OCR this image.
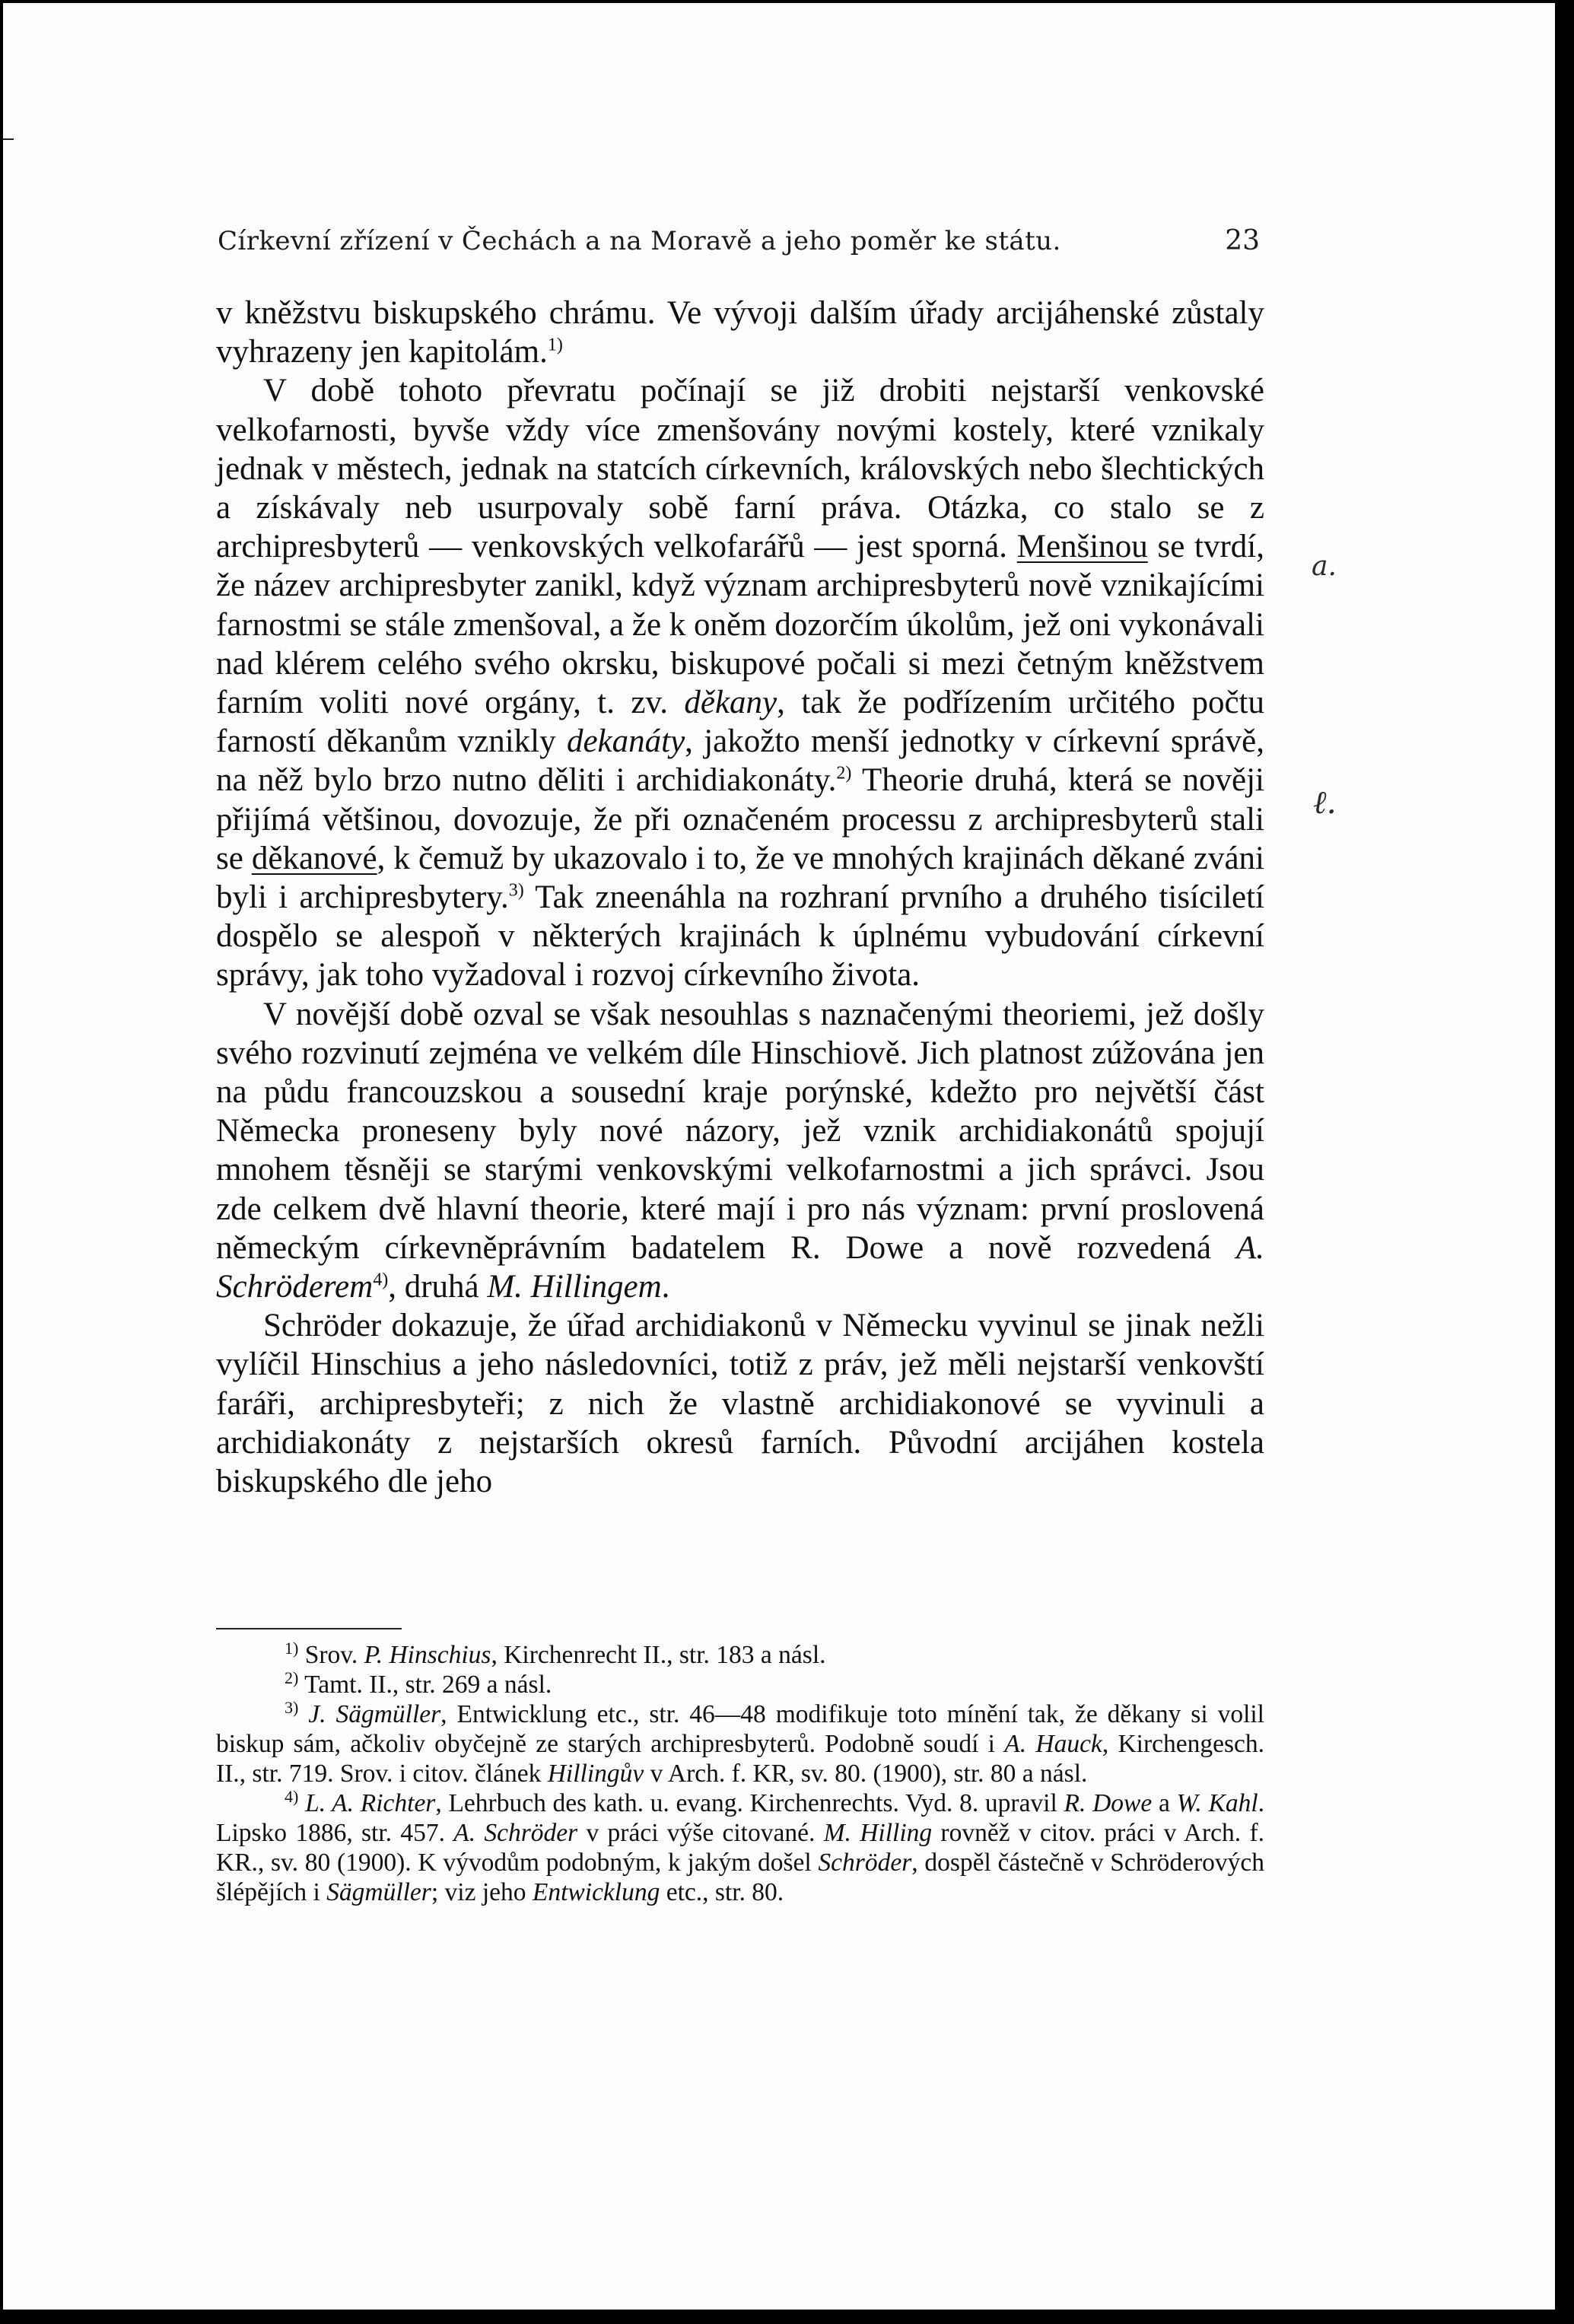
Církevní zřízení v Čechách a na Moravě a jeho poměr ke státu.	23
a.
ℓ.

v kněžstvu biskupského chrámu. Ve vývoji dalším úřady arcijáhenské zůstaly vyhrazeny jen kapitolám.$^{1)}$

V době tohoto převratu počínají se již drobiti nejstarší venkovské velkofarnosti, byvše vždy více zmenšovány novými kostely, které vznikaly jednak v městech, jednak na statcích církevních, královských nebo šlechtických a získávaly neb usurpovaly sobě farní práva. Otázka, co stalo se z archipresbyterů — venkovských velkofarářů — jest sporná. Menšinou se tvrdí, že název archipresbyter zanikl, když význam archipresbyterů nově vznikajícími farnostmi se stále zmenšoval, a že k oněm dozorčím úkolům, jež oni vykonávali nad klérem celého svého okrsku, biskupové počali si mezi četným kněžstvem farním voliti nové orgány, t. zv. děkany, tak že podřízením určitého počtu farností děkanům vznikly dekanáty, jakožto menší jednotky v církevní správě, na něž bylo brzo nutno děliti i archidiakonáty.$^{2)}$ Theorie druhá, která se nověji přijímá většinou, dovozuje, že při označeném processu z archipresbyterů stali se děkanové, k čemuž by ukazovalo i to, že ve mnohých krajinách děkané zváni byli i archipresbytery.$^{3)}$ Tak zneenáhla na rozhraní prvního a druhého tisíciletí dospělo se alespoň v některých krajinách k úplnému vybudování církevní správy, jak toho vyžadoval i rozvoj církevního života.

V novější době ozval se však nesouhlas s naznačenými theoriemi, jež došly svého rozvinutí zejména ve velkém díle Hinschiově. Jich platnost zúžována jen na půdu francouzskou a sousední kraje porýnské, kdežto pro největší část Německa proneseny byly nové názory, jež vznik archidiakonátů spojují mnohem těsněji se starými venkovskými velkofarnostmi a jich správci. Jsou zde celkem dvě hlavní theorie, které mají i pro nás význam: první proslovená německým církevněprávním badatelem R. Dowe a nově rozvedená A. Schröderem$^{4)}$, druhá M. Hillingem.

Schröder dokazuje, že úřad archidiakonů v Německu vyvinul se jinak nežli vylíčil Hinschius a jeho následovníci, totiž z práv, jež měli nejstarší venkovští faráři, archipresbyteři; z nich že vlastně archidiakonové se vyvinuli a archidiakonáty z nejstarších okresů farních. Původní arcijáhen kostela biskupského dle jeho

$^{1)}$ Srov. P. Hinschius, Kirchenrecht II., str. 183 a násl.

$^{2)}$ Tamt. II., str. 269 a násl.

$^{3)}$ J. Sägmüller, Entwicklung etc., str. 46—48 modifikuje toto mínění tak, že děkany si volil biskup sám, ačkoliv obyčejně ze starých archipresbyterů. Podobně soudí i A. Hauck, Kirchengesch. II., str. 719. Srov. i citov. článek Hillingův v Arch. f. KR, sv. 80. (1900), str. 80 a násl.

$^{4)}$ L. A. Richter, Lehrbuch des kath. u. evang. Kirchenrechts. Vyd. 8. upravil R. Dowe a W. Kahl. Lipsko 1886, str. 457. A. Schröder v práci výše citované. M. Hilling rovněž v citov. práci v Arch. f. KR., sv. 80 (1900). K vývodům podobným, k jakým došel Schröder, dospěl částečně v Schröderových šlépějích i Sägmüller; viz jeho Entwicklung etc., str. 80.
